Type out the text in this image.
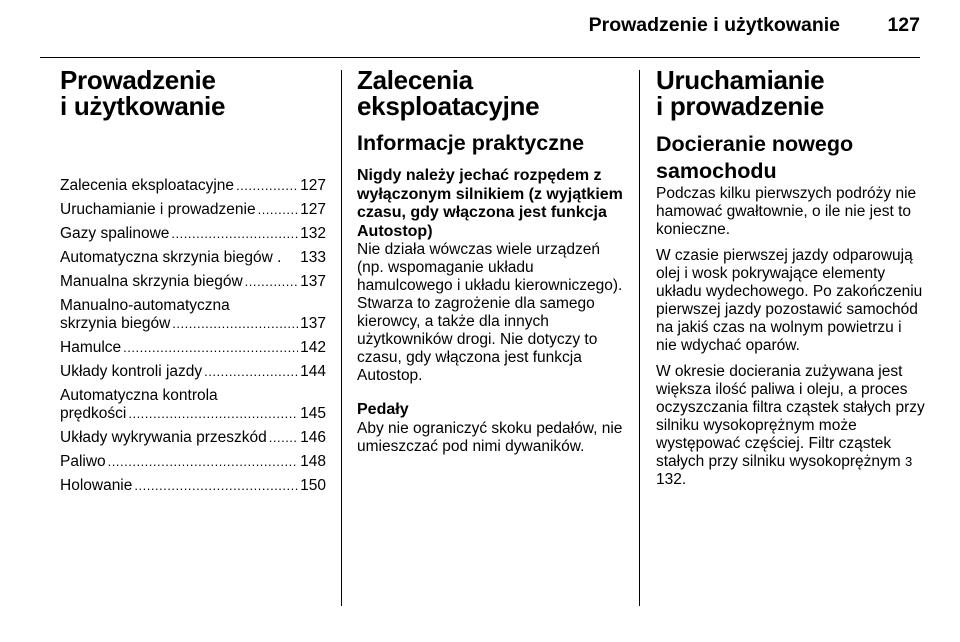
Prowadzenie i użytkowanie 127
Prowadzenie
i użytkowanie
Zalecenia eksploatacyjne .....	127
Uruchamianie i prowadzenie .....	127
Gazy spalinowe .....	132
Automatyczna skrzynia biegów . 133
Manualna skrzynia biegów .....	137
Manualno-automatyczna
skrzynia biegów .....	137
Hamulce .....	142
Układy kontroli jazdy .....	144
Automatyczna kontrola
prędkości .....	145
Układy wykrywania przeszkód ..... 146
Paliwo .....	148
Holowanie .....	150
Zalecenia
eksploatacyjne
Informacje praktyczne
Nigdy należy jechać rozpędem z wyłączonym silnikiem (z wyjątkiem czasu, gdy włączona jest funkcja Autostop)

Nie działa wówczas wiele urządzeń (np. wspomaganie układu hamulcowego i układu kierowniczego). Stwarza to zagrożenie dla samego kierowcy, a także dla innych użytkowników drogi. Nie dotyczy to czasu, gdy włączona jest funkcja Autostop.

Pedały

Aby nie ograniczyć skoku pedałów, nie umieszczać pod nimi dywaników.

Uruchamianie
i prowadzenie
Docieranie nowego samochodu

Podczas kilku pierwszych podróży nie hamować gwałtownie, o ile nie jest to konieczne.

W czasie pierwszej jazdy odparowują olej i wosk pokrywające elementy układu wydechowego. Po zakończeniu pierwszej jazdy pozostawić samochód na jakiś czas na wolnym powietrzu i nie wdychać oparów.

W okresie docierania zużywana jest większa ilość paliwa i oleju, a proces oczyszczania filtra cząstek stałych przy silniku wysokoprężnym może występować częściej. Filtr cząstek stałych przy silniku wysokoprężnym 3 132.
